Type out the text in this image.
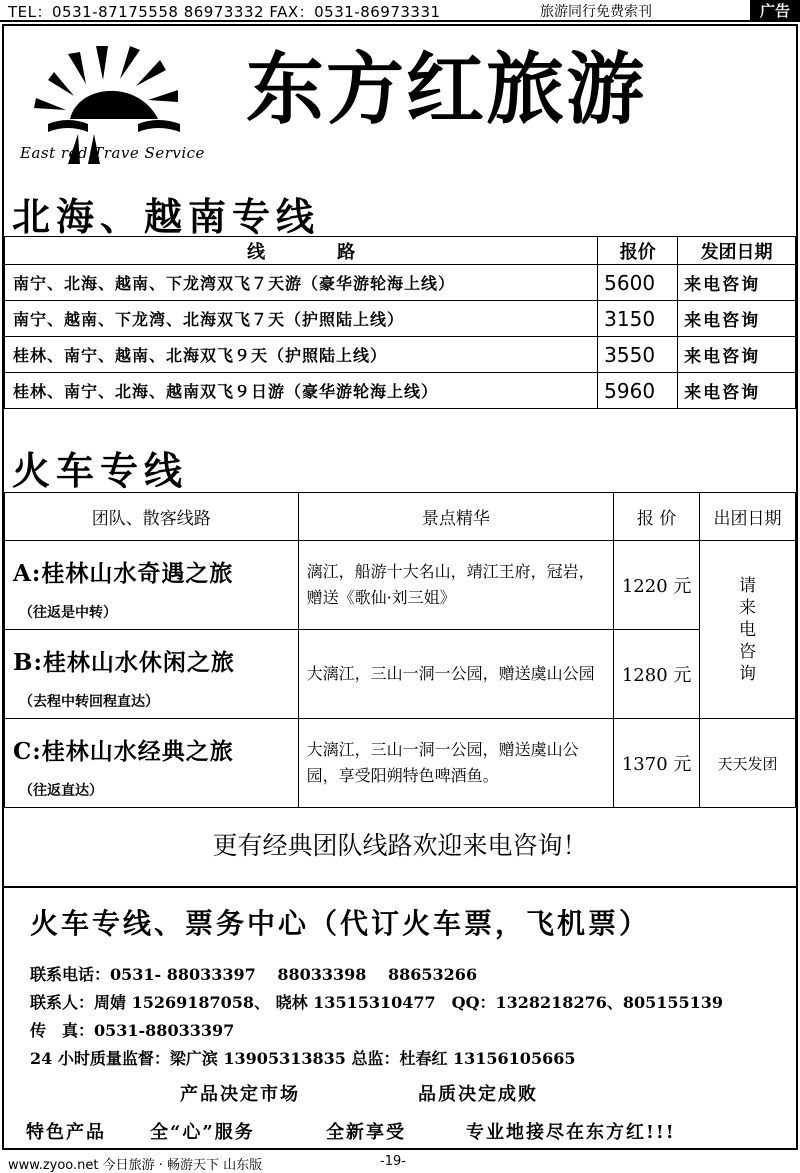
TEL：0531-87175558 86973332 FAX：0531-86973331	旅游同行免费索刊	广告
East red Trave Service
东方红旅游
北海、越南专线
线　　　　路	报价	发团日期
南宁、北海、越南、下龙湾双飞７天游（豪华游轮海上线）	5600	来电咨询
南宁、越南、下龙湾、北海双飞７天（护照陆上线）	3150	来电咨询
桂林、南宁、越南、北海双飞９天（护照陆上线）	3550	来电咨询
桂林、南宁、北海、越南双飞９日游（豪华游轮海上线）	5960	来电咨询
火车专线
团队、散客线路	景点精华	报 价	出团日期

A:桂林山水奇遇之旅
（往返是中转）	漓江，船游十大名山，靖江王府，冠岩，赠送《歌仙·刘三姐》	1220 元	请来电咨询

B:桂林山水休闲之旅
（去程中转回程直达）	大漓江，三山一洞一公园，赠送虞山公园	1280 元	

C:桂林山水经典之旅
（往返直达）	大漓江，三山一洞一公园，赠送虞山公园，享受阳朔特色啤酒鱼。	1370 元	天天发团
更有经典团队线路欢迎来电咨询！
火车专线、票务中心（代订火车票，飞机票）
联系电话：0531- 88033397　 88033398　 88653266
联系人：周婧 15269187058、 晓林 13515310477　QQ：1328218276、805155139
传　真：0531-88033397
24 小时质量监督：梁广滨 13905313835 总监：杜春红 13156105665
产品决定市场	品质决定成败
特色产品 全“心”服务	全新享受	专业地接尽在东方红!!!
www.zyoo.net 今日旅游 · 畅游天下 山东版	-19-
